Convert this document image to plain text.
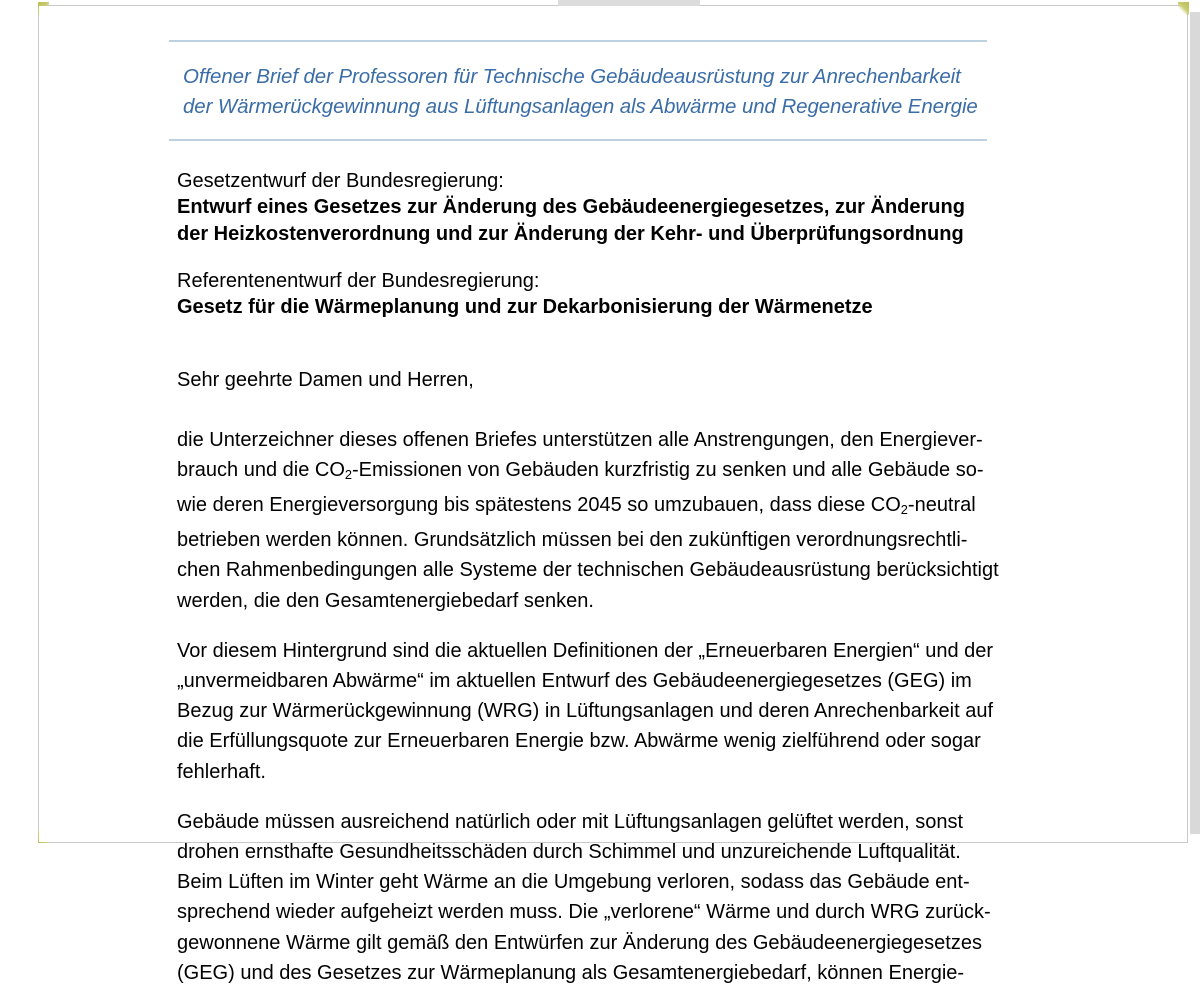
Offener Brief der Professoren für Technische Gebäudeausrüstung zur Anrechenbarkeit
der Wärmerückgewinnung aus Lüftungsanlagen als Abwärme und Regenerative Energie
Gesetzentwurf der Bundesregierung:
Entwurf eines Gesetzes zur Änderung des Gebäudeenergiegesetzes, zur Änderung
der Heizkostenverordnung und zur Änderung der Kehr- und Überprüfungsordnung
Referentenentwurf der Bundesregierung:
Gesetz für die Wärmeplanung und zur Dekarbonisierung der Wärmenetze
Sehr geehrte Damen und Herren,

die Unterzeichner dieses offenen Briefes unterstützen alle Anstrengungen, den Energiever-
brauch und die $CO_2$-Emissionen von Gebäuden kurzfristig zu senken und alle Gebäude so-
wie deren Energieversorgung bis spätestens 2045 so umzubauen, dass diese $CO_2$-neutral
betrieben werden können. Grundsätzlich müssen bei den zukünftigen verordnungsrechtli-
chen Rahmenbedingungen alle Systeme der technischen Gebäudeausrüstung berücksichtigt
werden, die den Gesamtenergiebedarf senken.

Vor diesem Hintergrund sind die aktuellen Definitionen der „Erneuerbaren Energien“ und der
„unvermeidbaren Abwärme“ im aktuellen Entwurf des Gebäudeenergiegesetzes (GEG) im
Bezug zur Wärmerückgewinnung (WRG) in Lüftungsanlagen und deren Anrechenbarkeit auf
die Erfüllungsquote zur Erneuerbaren Energie bzw. Abwärme wenig zielführend oder sogar
fehlerhaft.

Gebäude müssen ausreichend natürlich oder mit Lüftungsanlagen gelüftet werden, sonst
drohen ernsthafte Gesundheitsschäden durch Schimmel und unzureichende Luftqualität.
Beim Lüften im Winter geht Wärme an die Umgebung verloren, sodass das Gebäude ent-
sprechend wieder aufgeheizt werden muss. Die „verlorene“ Wärme und durch WRG zurück-
gewonnene Wärme gilt gemäß den Entwürfen zur Änderung des Gebäudeenergiegesetzes
(GEG) und des Gesetzes zur Wärmeplanung als Gesamtenergiebedarf, können Energie-
